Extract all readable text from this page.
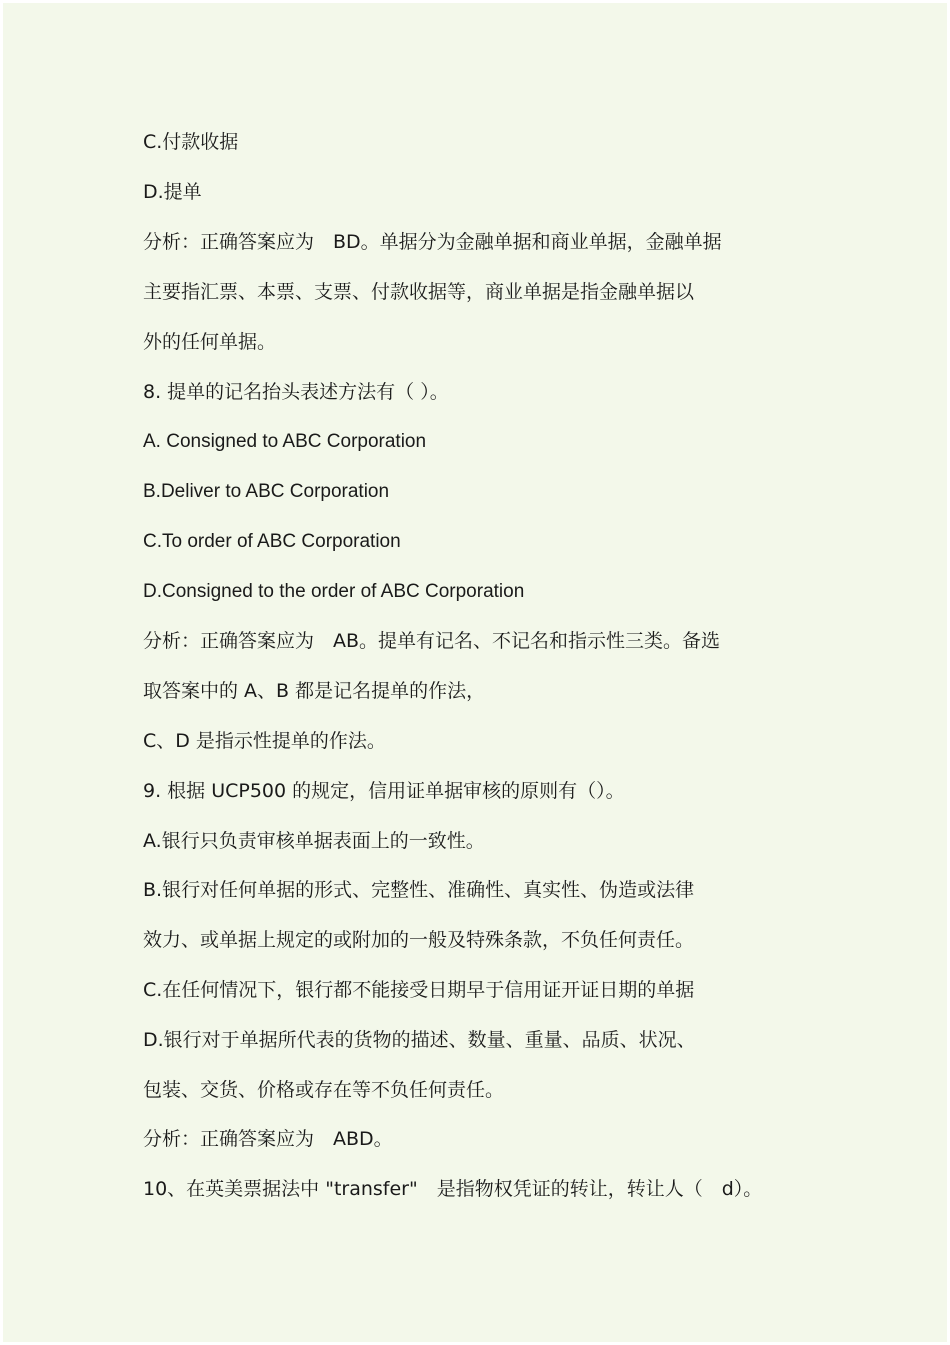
C.付款收据
D.提单
分析：正确答案应为　BD。单据分为金融单据和商业单据，金融单据
主要指汇票、本票、支票、付款收据等，商业单据是指金融单据以
外的任何单据。
8. 提单的记名抬头表述方法有（ ）。
A. Consigned to ABC Corporation
B.Deliver to ABC Corporation
C.To order of ABC Corporation
D.Consigned to the order of ABC Corporation
分析：正确答案应为　AB。提单有记名、不记名和指示性三类。备选
取答案中的 A、B 都是记名提单的作法，
C、D 是指示性提单的作法。
9. 根据 UCP500 的规定，信用证单据审核的原则有（）。
A.银行只负责审核单据表面上的一致性。
B.银行对任何单据的形式、完整性、准确性、真实性、伪造或法律
效力、或单据上规定的或附加的一般及特殊条款，不负任何责任。
C.在任何情况下，银行都不能接受日期早于信用证开证日期的单据
D.银行对于单据所代表的货物的描述、数量、重量、品质、状况、
包装、交货、价格或存在等不负任何责任。
分析：正确答案应为　ABD。
10、在英美票据法中 "transfer"　是指物权凭证的转让，转让人（　d）。
